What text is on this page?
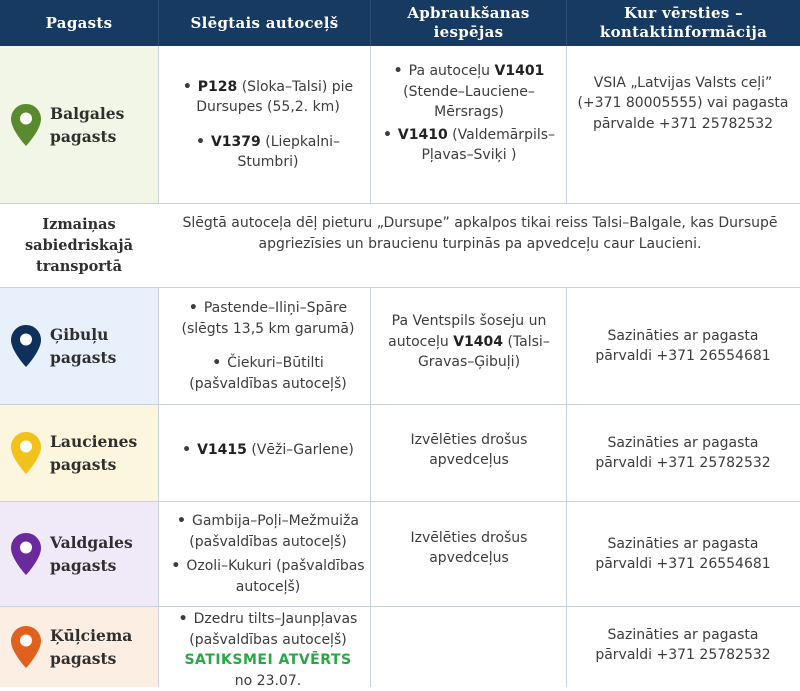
Pagasts	Slēgtais autoceļš
Apbraukšanas iespējas
Kur vērsties – kontaktinformācija
Balgales pagasts
• P128 (Sloka–Talsi) pie Dursupes (55,2. km)
• V1379 (Liepkalni–Stumbri)
• Pa autoceļu V1401 (Stende–Lauciene–Mērsrags)
• V1410 (Valdemārpils–Pļavas–Sviķi )
VSIA „Latvijas Valsts ceļi” (+371 80005555) vai pagasta pārvalde +371 25782532
Izmaiņas sabiedriskajā transportā
Slēgtā autoceļa dēļ pieturu „Dursupe” apkalpos tikai reiss Talsi–Balgale, kas Dursupē apgriezīsies un braucienu turpinās pa apvedceļu caur Laucieni.
Ģibuļu pagasts
• Pastende–Iliņi–Spāre (slēgts 13,5 km garumā)
• Čiekuri–Būtilti (pašvaldības autoceļš)
Pa Ventspils šoseju un autoceļu V1404 (Talsi–Gravas–Ģibuļi)
Sazināties ar pagasta pārvaldi +371 26554681
Laucienes pagasts
• V1415 (Vēži–Garlene)
Izvēlēties drošus apvedceļus
Sazināties ar pagasta pārvaldi +371 25782532
Valdgales pagasts
• Gambija–Poļi–Mežmuiža (pašvaldības autoceļš)
• Ozoli–Kukuri (pašvaldības autoceļš)
Izvēlēties drošus apvedceļus
Sazināties ar pagasta pārvaldi +371 26554681
Ķūļciema pagasts
• Dzedru tilts–Jaunpļavas (pašvaldības autoceļš)
SATIKSMEI ATVĒRTS
no 23.07.
Sazināties ar pagasta pārvaldi +371 25782532
